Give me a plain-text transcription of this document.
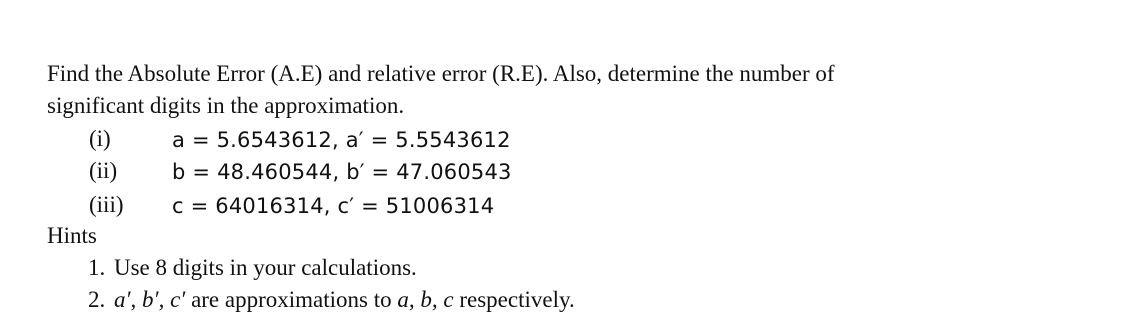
Find the Absolute Error (A.E) and relative error (R.E). Also, determine the number of
significant digits in the approximation.
(i)	a = 5.6543612, a′ = 5.5543612
(ii)	b = 48.460544, b′ = 47.060543
(iii) c = 64016314, c′ = 51006314
Hints
1. Use 8 digits in your calculations.
2. a′, b′, c′ are approximations to a, b, c respectively.
